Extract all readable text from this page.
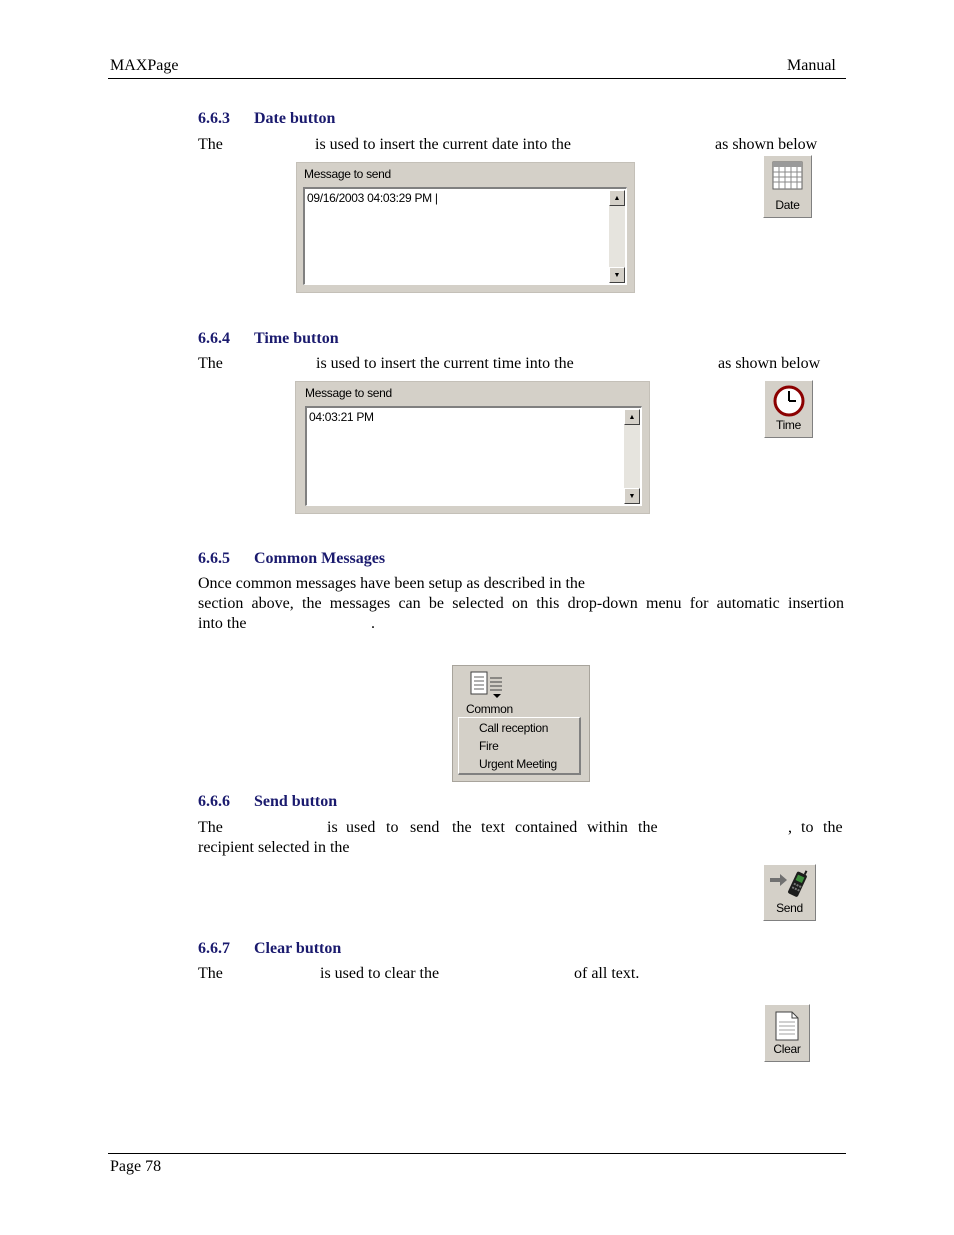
MAXPage	Manual
6.6.3 Date button
The	is used to insert the current date into the	as shown below
Message to send
09/16/2003 04:03:29 PM |	▲
▼
Date
6.6.4 Time button
The	is used to insert the current time into the	as shown below
Message to send
04:03:21 PM	▲
▼
Time
6.6.5 Common Messages
Once common messages have been setup as described in the
section above, the messages can be selected on this drop-down menu for automatic insertion
into the	.
Common
Call reception
Fire
Urgent Meeting
6.6.6 Send button
The	is used to send the text contained within the	, to the
recipient selected in the
Send
6.6.7 Clear button
The	is used to clear the	of all text.
Clear
Page 78
